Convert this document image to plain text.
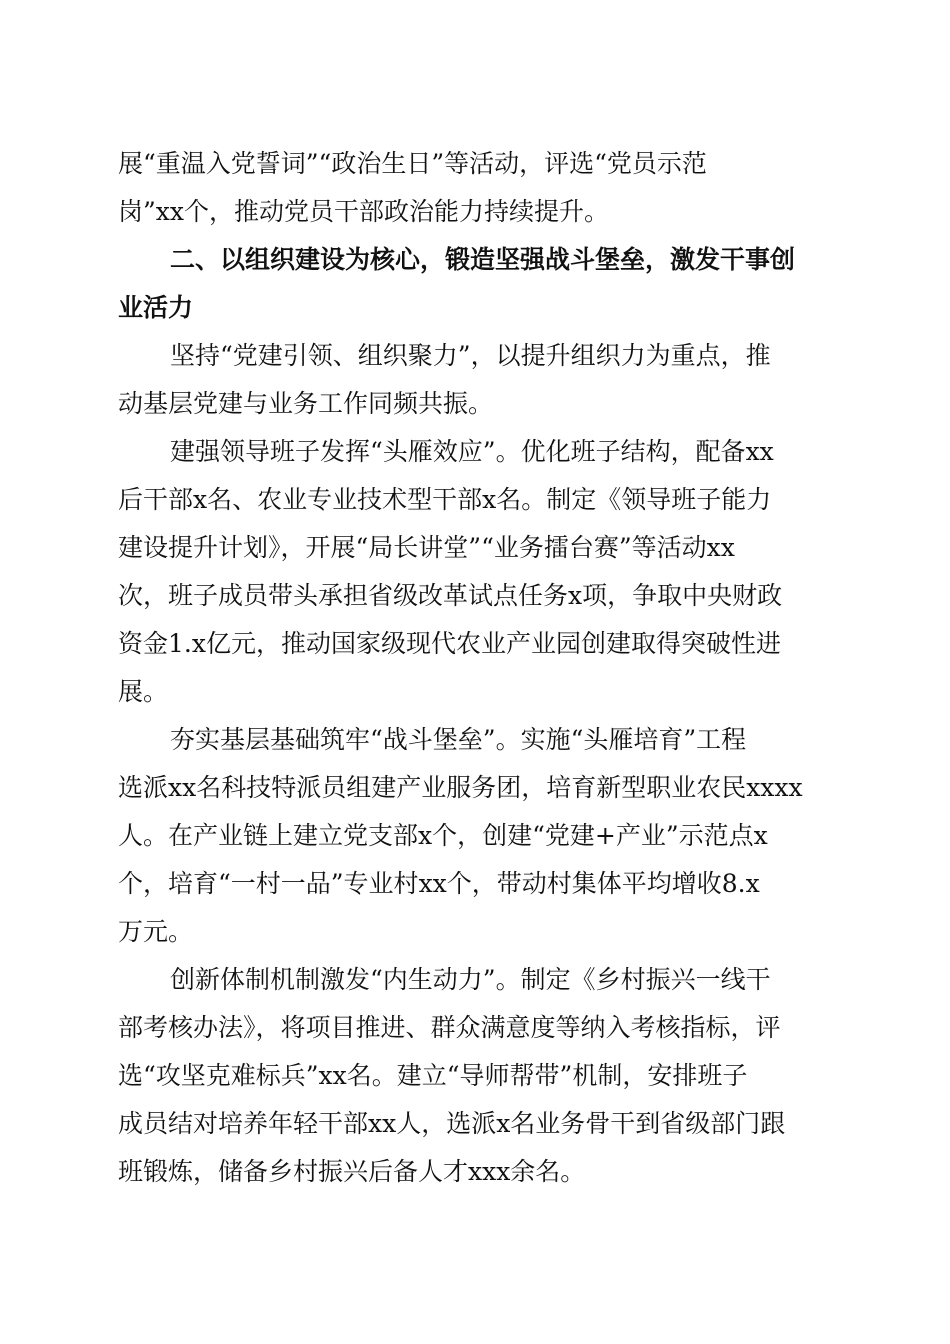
展“重温入党誓词”“政治生日”等活动，评选“党员示范
岗”xx个，推动党员干部政治能力持续提升。
二、以组织建设为核心，锻造坚强战斗堡垒，激发干事创
业活力
坚持“党建引领、组织聚力”，以提升组织力为重点，推
动基层党建与业务工作同频共振。
建强领导班子发挥“头雁效应”。优化班子结构，配备xx
后干部x名、农业专业技术型干部x名。制定《领导班子能力
建设提升计划》，开展“局长讲堂”“业务擂台赛”等活动xx
次，班子成员带头承担省级改革试点任务x项，争取中央财政
资金1.x亿元，推动国家级现代农业产业园创建取得突破性进
展。
夯实基层基础筑牢“战斗堡垒”。实施“头雁培育”工程
选派xx名科技特派员组建产业服务团，培育新型职业农民xxxx
人。在产业链上建立党支部x个，创建“党建+产业”示范点x
个，培育“一村一品”专业村xx个，带动村集体平均增收8.x
万元。
创新体制机制激发“内生动力”。制定《乡村振兴一线干
部考核办法》，将项目推进、群众满意度等纳入考核指标，评
选“攻坚克难标兵”xx名。建立“导师帮带”机制，安排班子
成员结对培养年轻干部xx人，选派x名业务骨干到省级部门跟
班锻炼，储备乡村振兴后备人才xxx余名。
